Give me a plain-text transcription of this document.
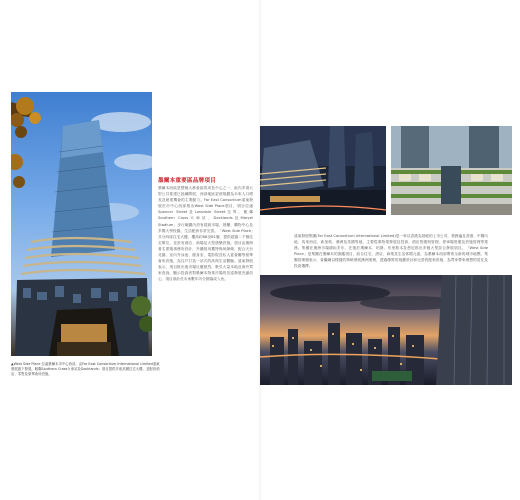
墨爾本重要區品牌項目
墨爾本西區是整個大都會區的成長中心之一，區內多項大型公共基建已陸續開展，西部地區更被規劃為未來人口增長及就業機會的主要動力。Far East Consortium遠東發展於市中心西部推出West Side Place項目，項目位處Spencer Street及Lonsdale Street交界，毗鄰Southern Cross火車站、Docklands及Marvel Stadium，步行範圍內設有超級市場、餐廳、購物中心及多間大學校園，生活配套非常完善。「West Side Place」共分四座住宅大樓，樓高約68至81層，提供超過二千個住宅單位，並設有酒店、商場及大型康樂設施。項目由澳洲著名建築事務所設計，外牆採用獨特幾何線條，配合天台花園、室內外泳池、健身室、電影院及私人宴會廳等豪華會所設施，為住戶打造一站式的高尚生活體驗。遠東發展表示，項目推出後市場反應熱烈，吸引大量本地及海外買家查詢，顯示投資者對墨爾本物業市場的長遠發展充滿信心，項目預計於未來數年內分期落成入伙。
▲West Side Place 位處墨爾本市中心西部，由Far East Consortium International Limited遠東發展旗下發展，毗鄰Southern Cross火車站及Docklands；項目提供多座高層住宅大樓，並配套酒店、零售及豪華會所設施。
遠東發展集團(Far East Consortium International Limited)是一家以香港為基地的上市公司，業務遍及香港、中國內地、馬來西亞、新加坡、澳洲及英國等地，主要從事物業發展及投資、酒店營運與管理、停車場營運及設施管理等業務。集團在澳洲市場耕耘多年，先後於墨爾本、珀斯、布里斯本及悉尼推出多個大型綜合發展項目。「West Side Place」是集團在墨爾本的旗艦項目，結合住宅、酒店、商業及生活休閒元素，為墨爾本西部帶來全新的城市地標。集團管理層表示，會繼續以穩健的策略發展澳洲業務，透過優質的規劃設計和完善的配套設施，為買家帶來理想的居住及投資選擇。
